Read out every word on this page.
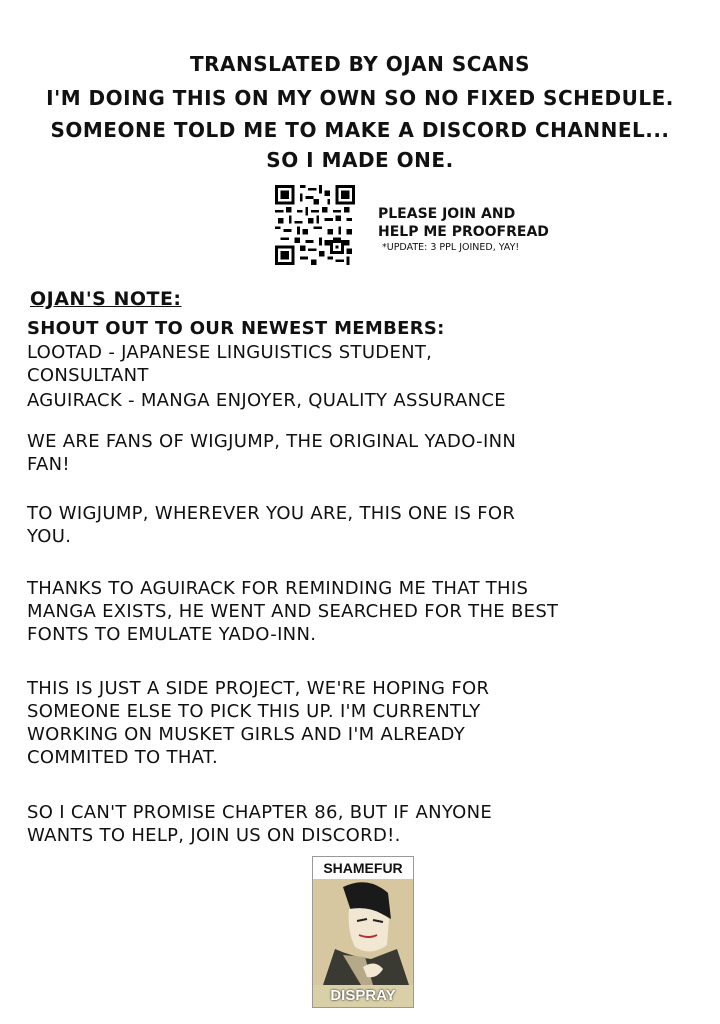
TRANSLATED BY OJAN SCANS
I'M DOING THIS ON MY OWN SO NO FIXED SCHEDULE.
SOMEONE TOLD ME TO MAKE A DISCORD CHANNEL...
SO I MADE ONE.
PLEASE JOIN AND
HELP ME PROOFREAD
*UPDATE: 3 PPL JOINED, YAY!
OJAN'S NOTE:
SHOUT OUT TO OUR NEWEST MEMBERS:
LOOTAD - JAPANESE LINGUISTICS STUDENT,
CONSULTANT
AGUIRACK - MANGA ENJOYER, QUALITY ASSURANCE
WE ARE FANS OF WIGJUMP, THE ORIGINAL YADO-INN
FAN!
TO WIGJUMP, WHEREVER YOU ARE, THIS ONE IS FOR
YOU.
THANKS TO AGUIRACK FOR REMINDING ME THAT THIS
MANGA EXISTS, HE WENT AND SEARCHED FOR THE BEST
FONTS TO EMULATE YADO-INN.
THIS IS JUST A SIDE PROJECT, WE'RE HOPING FOR
SOMEONE ELSE TO PICK THIS UP. I'M CURRENTLY
WORKING ON MUSKET GIRLS AND I'M ALREADY
COMMITED TO THAT.
SO I CAN'T PROMISE CHAPTER 86, BUT IF ANYONE
WANTS TO HELP, JOIN US ON DISCORD!.
SHAMEFUR
DISPRAY
